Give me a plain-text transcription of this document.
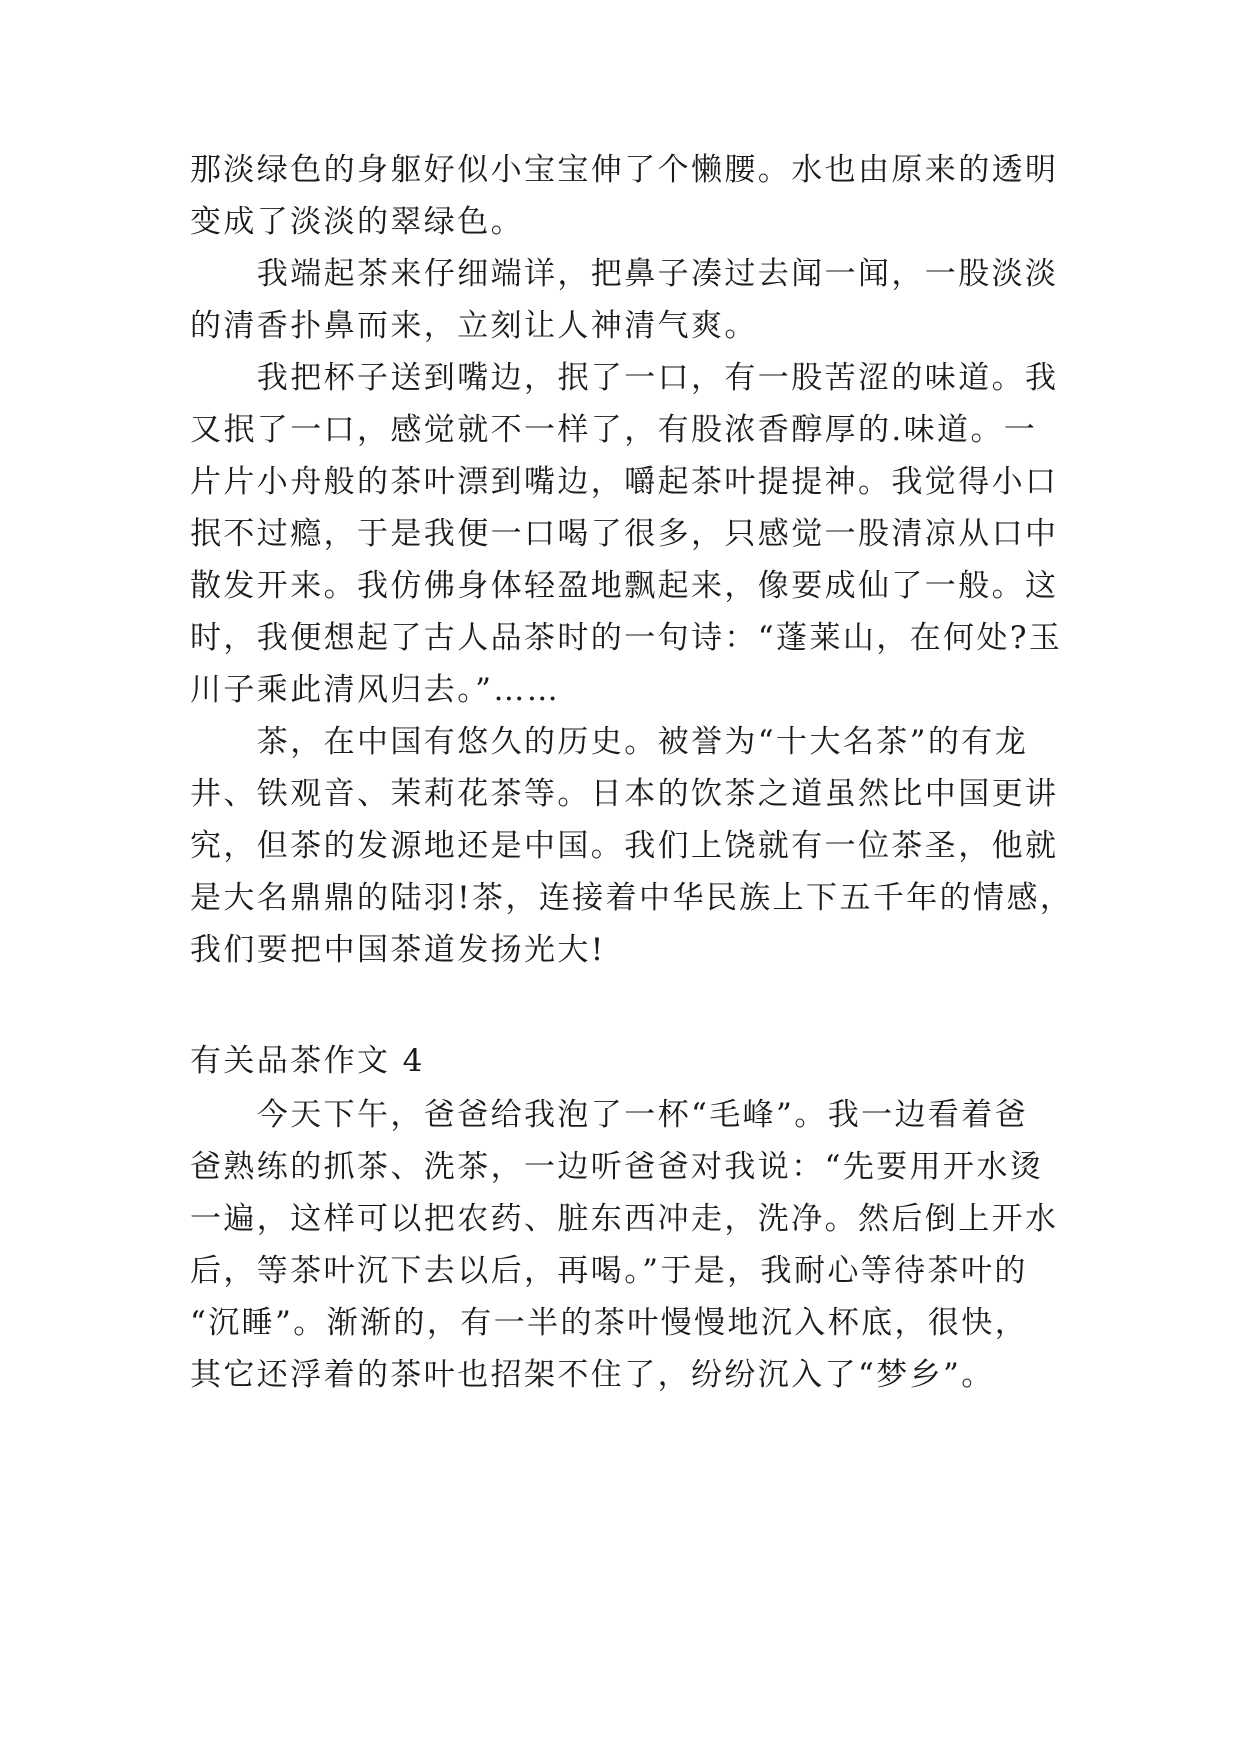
那淡绿色的身躯好似小宝宝伸了个懒腰。水也由原来的透明
变成了淡淡的翠绿色。
　　我端起茶来仔细端详，把鼻子凑过去闻一闻，一股淡淡
的清香扑鼻而来，立刻让人神清气爽。
　　我把杯子送到嘴边，抿了一口，有一股苦涩的味道。我
又抿了一口，感觉就不一样了，有股浓香醇厚的.味道。一
片片小舟般的茶叶漂到嘴边，嚼起茶叶提提神。我觉得小口
抿不过瘾，于是我便一口喝了很多，只感觉一股清凉从口中
散发开来。我仿佛身体轻盈地飘起来，像要成仙了一般。这
时，我便想起了古人品茶时的一句诗：“蓬莱山，在何处?玉
川子乘此清风归去。”……
　　茶，在中国有悠久的历史。被誉为“十大名茶”的有龙
井、铁观音、茉莉花茶等。日本的饮茶之道虽然比中国更讲
究，但茶的发源地还是中国。我们上饶就有一位茶圣，他就
是大名鼎鼎的陆羽!茶，连接着中华民族上下五千年的情感，
我们要把中国茶道发扬光大!
有关品茶作文 4
　　今天下午，爸爸给我泡了一杯“毛峰”。我一边看着爸
爸熟练的抓茶、洗茶，一边听爸爸对我说：“先要用开水烫
一遍，这样可以把农药、脏东西冲走，洗净。然后倒上开水
后，等茶叶沉下去以后，再喝。”于是，我耐心等待茶叶的
“沉睡”。渐渐的，有一半的茶叶慢慢地沉入杯底，很快，
其它还浮着的茶叶也招架不住了，纷纷沉入了“梦乡”。
